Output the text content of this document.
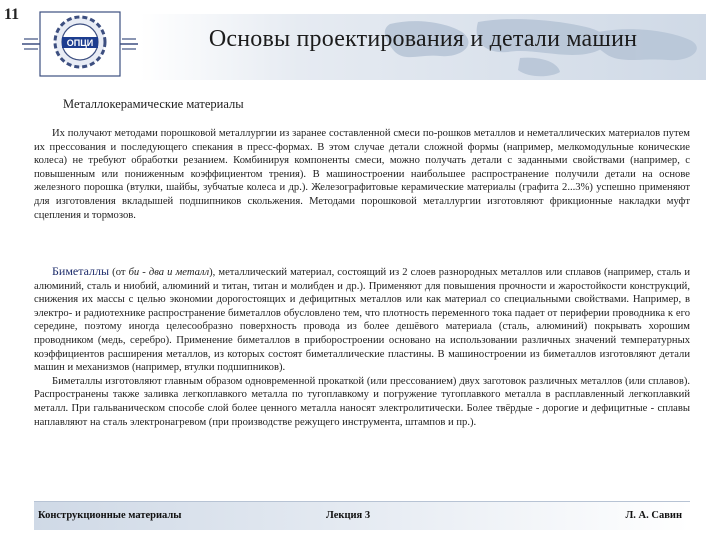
11
ОПЦИ	Основы проектирования и детали машин
Металлокерамические материалы

Их получают методами порошковой металлургии из заранее составленной смеси по-рошков металлов и неметаллических материалов путем их прессования и последующего спекания в пресс-формах. В этом случае детали сложной формы (например, мелкомодульные конические колеса) не требуют обработки резанием. Комбинируя компоненты смеси, можно получать детали с заданными свойствами (например, с повышенным или пониженным коэффициентом трения). В машиностроении наибольшее распространение получили детали на основе железного порошка (втулки, шайбы, зубчатые колеса и др.). Железографитовые керамические материалы (графита 2...3%) успешно применяют для изготовления вкладышей подшипников скольжения. Методами порошковой металлургии изготовляют фрикционные накладки муфт сцепления и тормозов.

Биметаллы (от би - два и металл), металлический материал, состоящий из 2 слоев разнородных металлов или сплавов (например, сталь и алюминий, сталь и ниобий, алюминий и титан, титан и молибден и др.). Применяют для повышения прочности и жаростойкости конструкций, снижения их массы с целью экономии дорогостоящих и дефицитных металлов или как материал со специальными свойствами. Например, в электро- и радиотехнике распространение биметаллов обусловлено тем, что плотность переменного тока падает от периферии проводника к его середине, поэтому иногда целесообразно поверхность провода из более дешёвого материала (сталь, алюминий) покрывать хорошим проводником (медь, серебро). Применение биметаллов в приборостроении основано на использовании различных значений температурных коэффициентов расширения металлов, из которых состоят биметаллические пластины. В машиностроении из биметаллов изготовляют детали машин и механизмов (например, втулки подшипников).

Биметаллы изготовляют главным образом одновременной прокаткой (или прессованием) двух заготовок различных металлов (или сплавов). Распространены также заливка легкоплавкого металла по тугоплавкому и погружение тугоплавкого металла в расплавленный легкоплавкий металл. При гальваническом способе слой более ценного металла наносят электролитически. Более твёрдые - дорогие и дефицитные - сплавы наплавляют на сталь электронагревом (при производстве режущего инструмента, штампов и пр.).

Конструкционные материалы	Лекция 3	Л. А. Савин
